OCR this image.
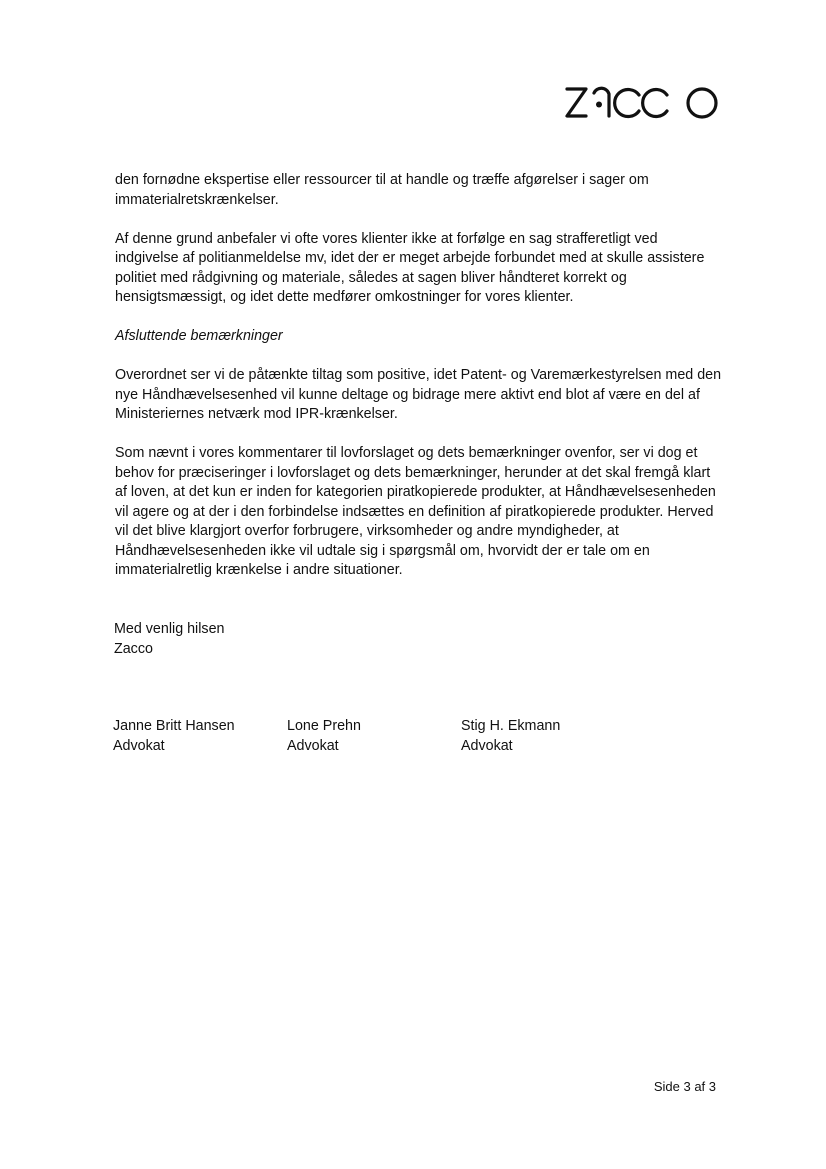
den fornødne ekspertise eller ressourcer til at handle og træffe afgørelser i sager om immaterialretskrænkelser.

Af denne grund anbefaler vi ofte vores klienter ikke at forfølge en sag strafferetligt ved indgivelse af politianmeldelse mv, idet der er meget arbejde forbundet med at skulle assistere politiet med rådgivning og materiale, således at sagen bliver håndteret korrekt og hensigtsmæssigt, og idet dette medfører omkostninger for vores klienter.

Afsluttende bemærkninger

Overordnet ser vi de påtænkte tiltag som positive, idet Patent- og Varemærkestyrelsen med den nye Håndhævelsesenhed vil kunne deltage og bidrage mere aktivt end blot af være en del af Ministeriernes netværk mod IPR-krænkelser.

Som nævnt i vores kommentarer til lovforslaget og dets bemærkninger ovenfor, ser vi dog et behov for præciseringer i lovforslaget og dets bemærkninger, herunder at det skal fremgå klart af loven, at det kun er inden for kategorien piratkopierede produkter, at Håndhævelsesenheden vil agere og at der i den forbindelse indsættes en definition af piratkopierede produkter. Herved vil det blive klargjort overfor forbrugere, virksomheder og andre myndigheder, at Håndhævelsesenheden ikke vil udtale sig i spørgsmål om, hvorvidt der er tale om en immaterialretlig krænkelse i andre situationer.

Med venlig hilsen
Zacco
Janne Britt Hansen
Advokat
Lone Prehn
Advokat
Stig H. Ekmann
Advokat
Side 3 af 3
